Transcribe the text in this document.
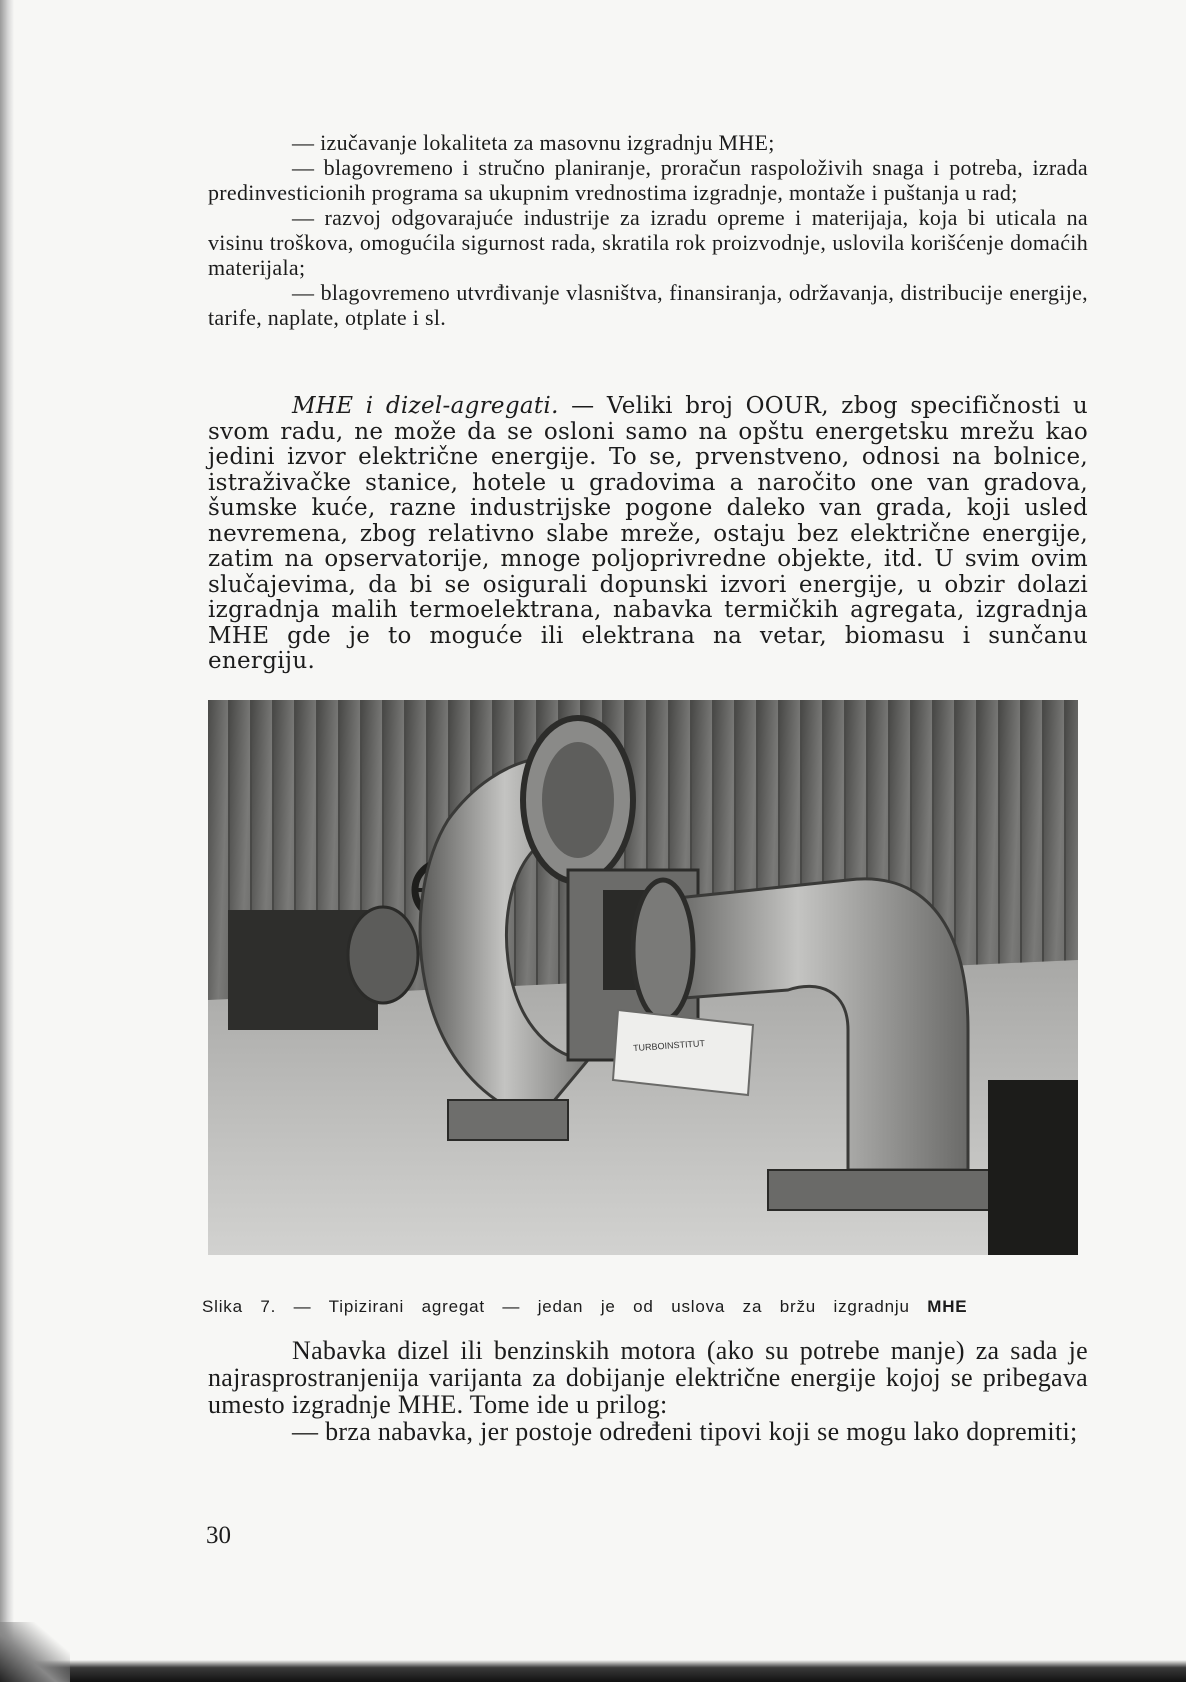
— izučavanje lokaliteta za masovnu izgradnju MHE;

— blagovremeno i stručno planiranje, proračun raspoloživih snaga i potreba, izrada predinvesticionih programa sa ukupnim vrednostima izgradnje, montaže i puštanja u rad;

— razvoj odgovarajuće industrije za izradu opreme i materijaja, koja bi uticala na visinu troškova, omogućila sigurnost rada, skratila rok proizvodnje, uslovila korišćenje domaćih materijala;

— blagovremeno utvrđivanje vlasništva, finansiranja, održavanja, distribucije energije, tarife, naplate, otplate i sl.

MHE i dizel-agregati. — Veliki broj OOUR, zbog specifičnosti u svom radu, ne može da se osloni samo na opštu energetsku mrežu kao jedini izvor električne energije. To se, prvenstveno, odnosi na bolnice, istraživačke stanice, hotele u gradovima a naročito one van gradova, šumske kuće, razne industrijske pogone daleko van grada, koji usled nevremena, zbog relativno slabe mreže, ostaju bez električne energije, zatim na opservatorije, mnoge poljoprivredne objekte, itd. U svim ovim slučajevima, da bi se osigurali dopunski izvori energije, u obzir dolazi izgradnja malih termoelektrana, nabavka termičkih agregata, izgradnja MHE gde je to moguće ili elektrana na vetar, biomasu i sunčanu energiju.

TURBOINSTITUT
Slika 7. — Tipizirani agregat — jedan je od uslova za bržu izgradnju MHE

Nabavka dizel ili benzinskih motora (ako su potrebe manje) za sada je najrasprostranjenija varijanta za dobijanje električne energije kojoj se pribegava umesto izgradnje MHE. Tome ide u prilog:

— brza nabavka, jer postoje određeni tipovi koji se mogu lako dopremiti;

30
